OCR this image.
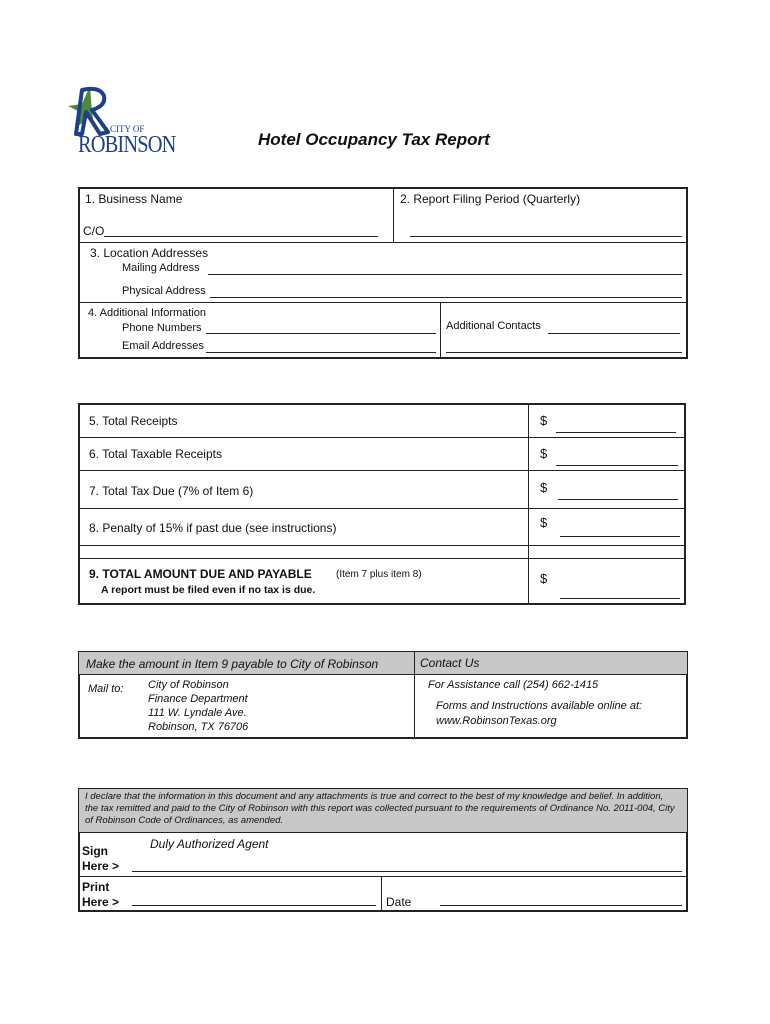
CITY OF
ROBINSON	Hotel Occupancy Tax Report
1. Business Name	2. Report Filing Period (Quarterly)
C/O
3. Location Addresses
Mailing Address
Physical Address
4. Additional Information
Phone Numbers
Email Addresses
Additional Contacts
5. Total Receipts	$
6. Total Taxable Receipts	$
7. Total Tax Due (7% of Item 6)	$
8. Penalty of 15% if past due (see instructions)	$
9. TOTAL AMOUNT DUE AND PAYABLE (Item 7 plus item 8)
A report must be filed even if no tax is due.
$
Make the amount in Item 9 payable to City of Robinson	Contact Us
Mail to: City of Robinson
Finance Department
111 W. Lyndale Ave.
Robinson, TX 76706
For Assistance call (254) 662-1415
Forms and Instructions available online at:
www.RobinsonTexas.org
I declare that the information in this document and any attachments is true and correct to the best of my knowledge and belief. In addition, the tax remitted and paid to the City of Robinson with this report was collected pursuant to the requirements of Ordinance No. 2011-004, City of Robinson Code of Ordinances, as amended.
Duly Authorized Agent
Sign
Here >
Print
Here >	Date
